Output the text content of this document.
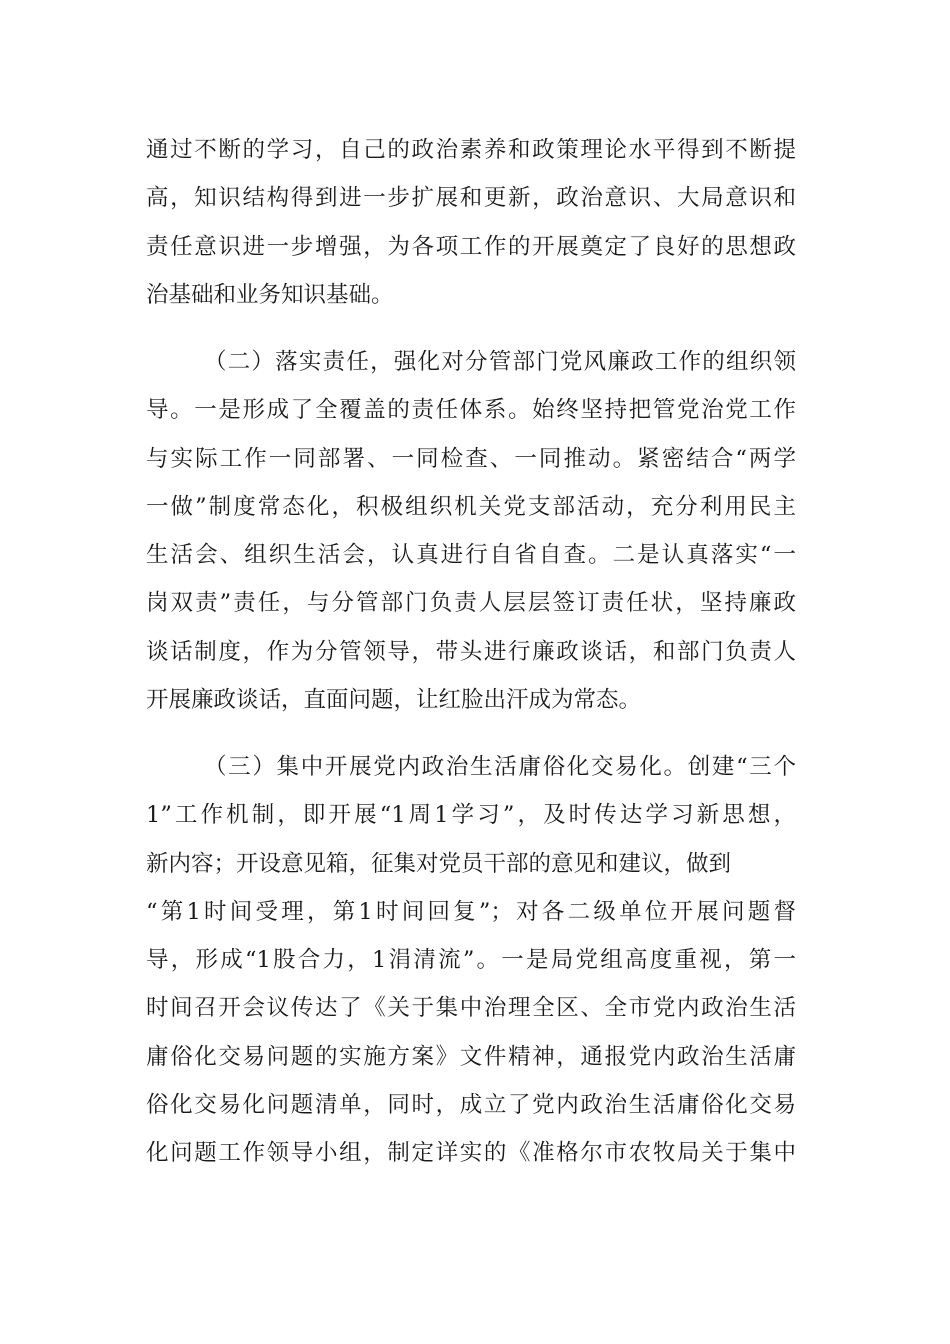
通过不断的学习，自己的政治素养和政策理论水平得到不断提
高，知识结构得到进一步扩展和更新，政治意识、大局意识和
责任意识进一步增强，为各项工作的开展奠定了良好的思想政
治基础和业务知识基础。
（二）落实责任，强化对分管部门党风廉政工作的组织领
导。一是形成了全覆盖的责任体系。始终坚持把管党治党工作
与实际工作一同部署、一同检查、一同推动。紧密结合“两学
一做”制度常态化，积极组织机关党支部活动，充分利用民主
生活会、组织生活会，认真进行自省自查。二是认真落实“一
岗双责”责任，与分管部门负责人层层签订责任状，坚持廉政
谈话制度，作为分管领导，带头进行廉政谈话，和部门负责人
开展廉政谈话，直面问题，让红脸出汗成为常态。
（三）集中开展党内政治生活庸俗化交易化。创建“三个
1”工作机制，即开展“1周1学习”，及时传达学习新思想，
新内容；开设意见箱，征集对党员干部的意见和建议，做到
“第1时间受理，第1时间回复”；对各二级单位开展问题督
导，形成“1股合力，1涓清流”。一是局党组高度重视，第一
时间召开会议传达了《关于集中治理全区、全市党内政治生活
庸俗化交易问题的实施方案》文件精神，通报党内政治生活庸
俗化交易化问题清单，同时，成立了党内政治生活庸俗化交易
化问题工作领导小组，制定详实的《准格尔市农牧局关于集中
